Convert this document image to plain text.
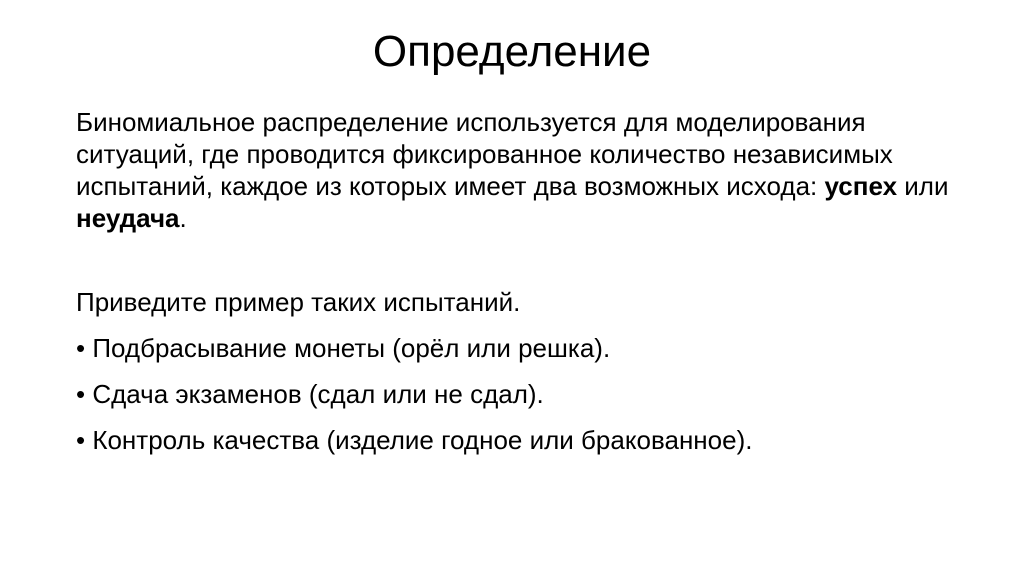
Определение

Биномиальное распределение используется для моделирования ситуаций, где проводится фиксированное количество независимых испытаний, каждое из которых имеет два возможных исхода: успех или неудача.

Приведите пример таких испытаний.

• Подбрасывание монеты (орёл или решка).
• Сдача экзаменов (сдал или не сдал).
• Контроль качества (изделие годное или бракованное).
